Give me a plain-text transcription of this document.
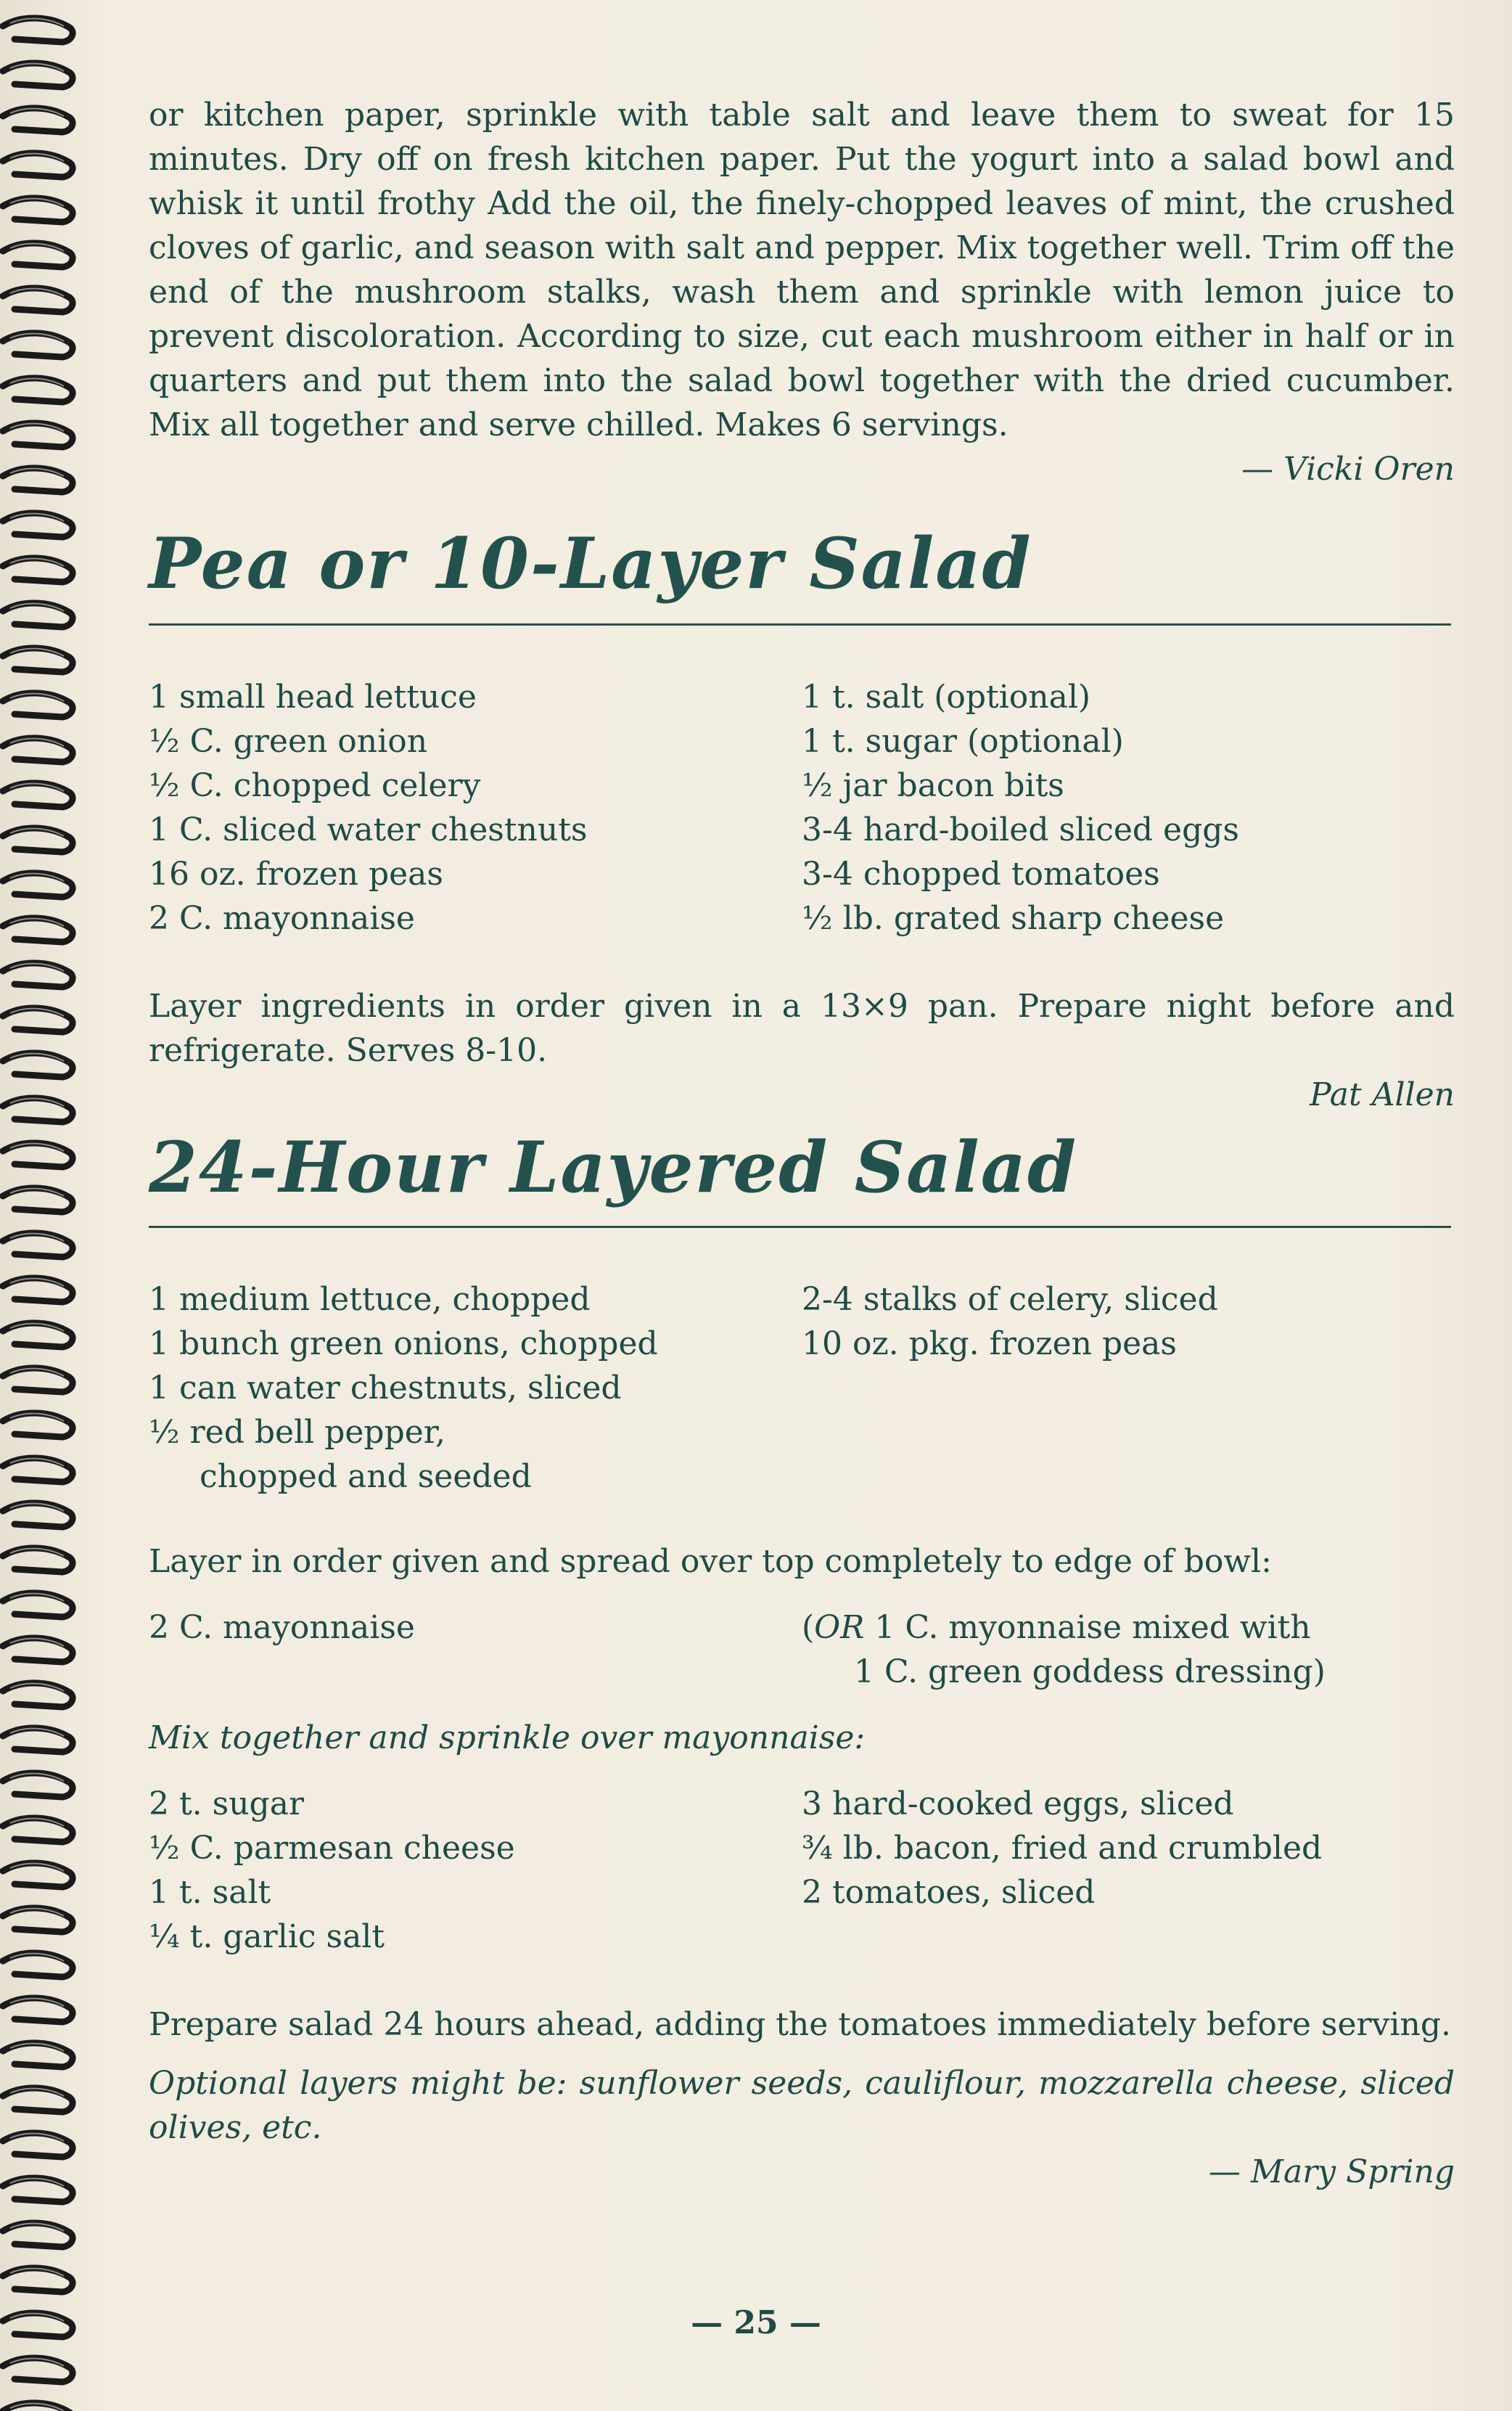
or kitchen paper, sprinkle with table salt and leave them to sweat for 15 minutes. Dry off on fresh kitchen paper. Put the yogurt into a salad bowl and whisk it until frothy Add the oil, the finely-chopped leaves of mint, the crushed cloves of garlic, and season with salt and pepper. Mix together well. Trim off the end of the mushroom stalks, wash them and sprinkle with lemon juice to prevent discoloration. According to size, cut each mushroom either in half or in quarters and put them into the salad bowl together with the dried cucumber. Mix all together and serve chilled. Makes 6 servings.

— Vicki Oren

Pea or 10-Layer Salad

1 small head lettuce

½ C. green onion

½ C. chopped celery

1 C. sliced water chestnuts

16 oz. frozen peas

2 C. mayonnaise

1 t. salt (optional)

1 t. sugar (optional)

½ jar bacon bits

3-4 hard-boiled sliced eggs

3-4 chopped tomatoes

½ lb. grated sharp cheese

Layer ingredients in order given in a 13×9 pan. Prepare night before and refrigerate. Serves 8-10.

Pat Allen

24-Hour Layered Salad

1 medium lettuce, chopped

1 bunch green onions, chopped

1 can water chestnuts, sliced

½ red bell pepper,

chopped and seeded

2-4 stalks of celery, sliced

10 oz. pkg. frozen peas

Layer in order given and spread over top completely to edge of bowl:

2 C. mayonnaise	(OR 1 C. myonnaise mixed with

1 C. green goddess dressing)

Mix together and sprinkle over mayonnaise:

2 t. sugar

½ C. parmesan cheese

1 t. salt

¼ t. garlic salt

3 hard-cooked eggs, sliced

¾ lb. bacon, fried and crumbled

2 tomatoes, sliced

Prepare salad 24 hours ahead, adding the tomatoes immediately before serving.

Optional layers might be: sunflower seeds, cauliflour, mozzarella cheese, sliced olives, etc.

— Mary Spring

— 25 —
